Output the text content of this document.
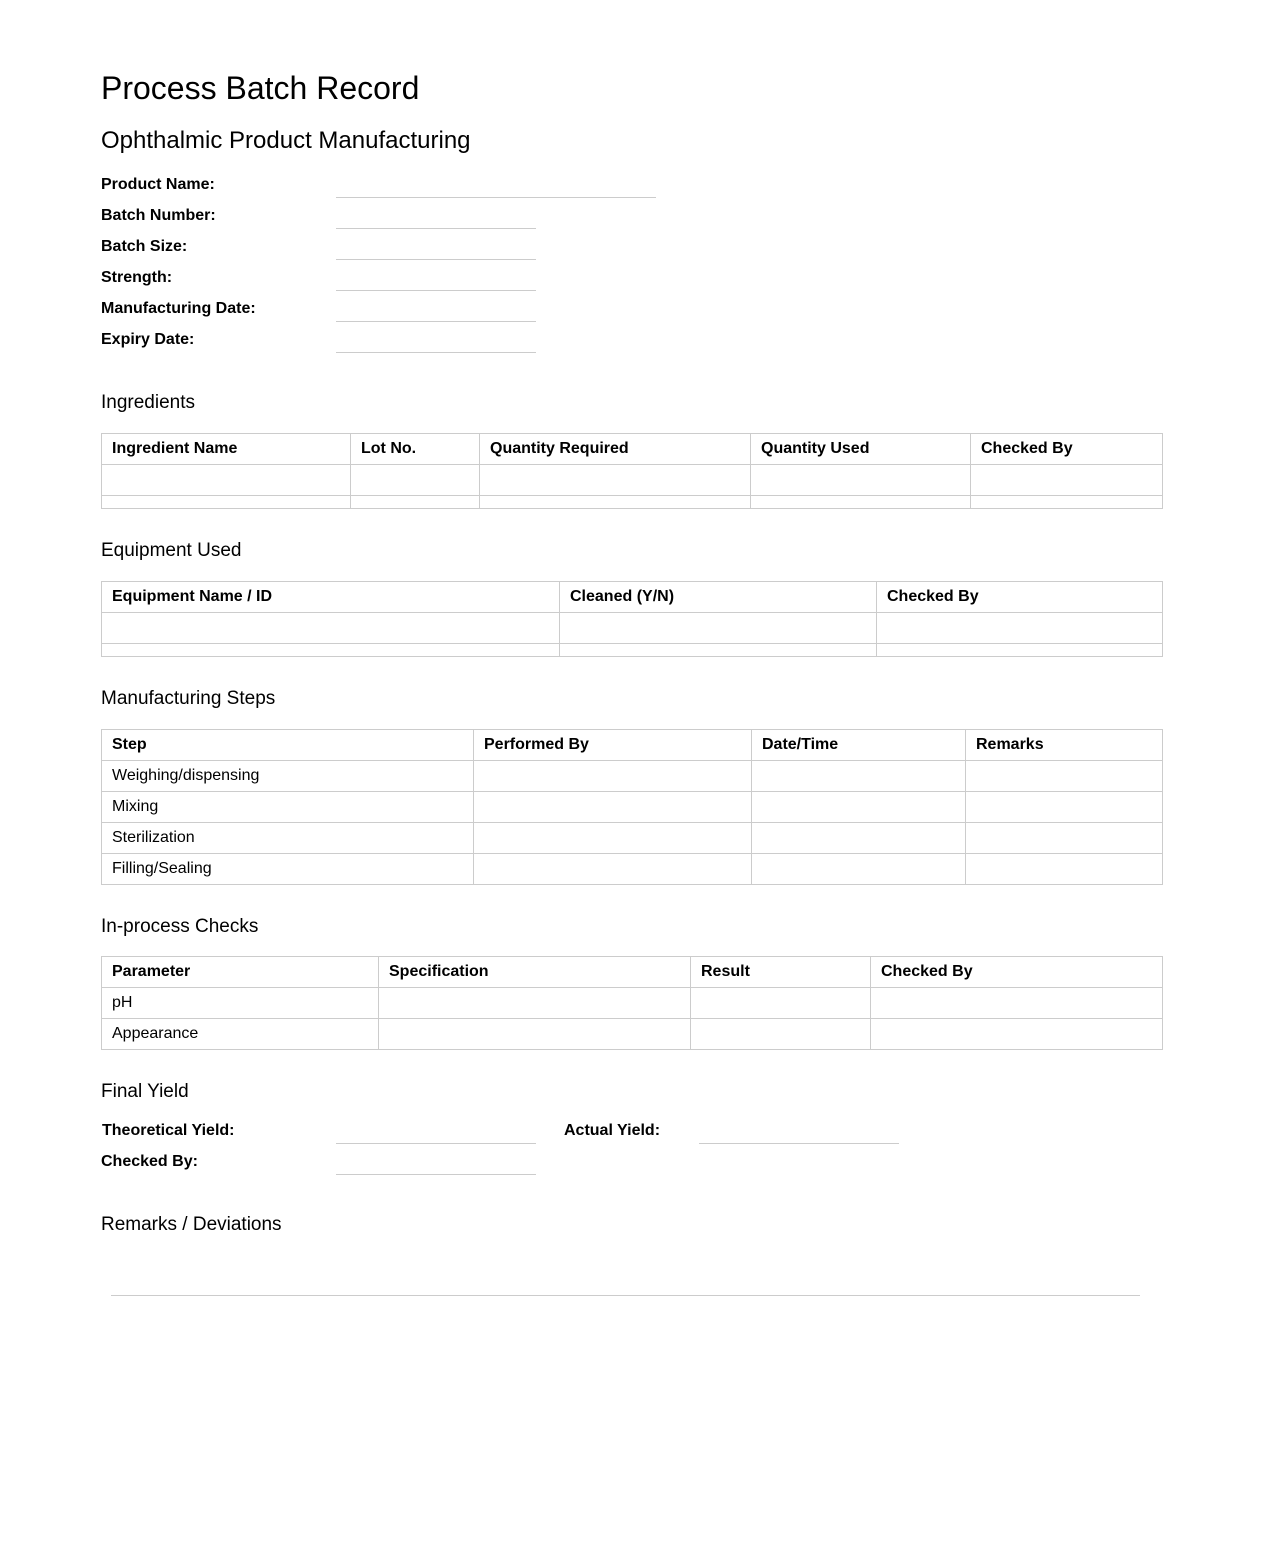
Process Batch Record
Ophthalmic Product Manufacturing
Product Name:
Batch Number:
Batch Size:
Strength:
Manufacturing Date:
Expiry Date:
Ingredients
Ingredient Name	Lot No.	Quantity Required	Quantity Used	Checked By

Equipment Used
Equipment Name / ID	Cleaned (Y/N)	Checked By

Manufacturing Steps
Step	Performed By	Date/Time	Remarks
Weighing/dispensing			
Mixing			
Sterilization			
Filling/Sealing			
In-process Checks
Parameter	Specification	Result	Checked By
pH			
Appearance			
Final Yield
Theoretical Yield:	Actual Yield:
Checked By:
Remarks / Deviations
